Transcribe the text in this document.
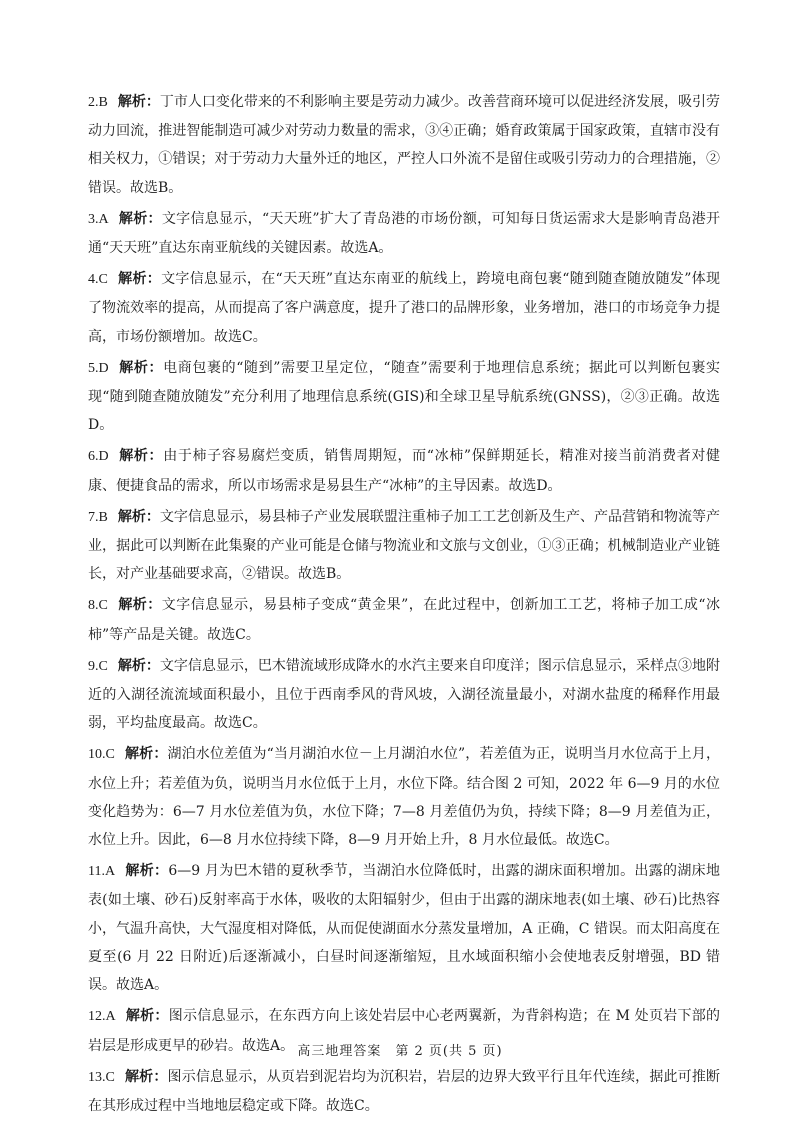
2.B 解析：丁市人口变化带来的不利影响主要是劳动力减少。改善营商环境可以促进经济发展，吸引劳动力回流，推进智能制造可减少对劳动力数量的需求，③④正确；婚育政策属于国家政策，直辖市没有相关权力，①错误；对于劳动力大量外迁的地区，严控人口外流不是留住或吸引劳动力的合理措施，②错误。故选B。

3.A 解析：文字信息显示，“天天班”扩大了青岛港的市场份额，可知每日货运需求大是影响青岛港开通“天天班”直达东南亚航线的关键因素。故选A。

4.C 解析：文字信息显示，在“天天班”直达东南亚的航线上，跨境电商包裹“随到随查随放随发”体现了物流效率的提高，从而提高了客户满意度，提升了港口的品牌形象，业务增加，港口的市场竞争力提高，市场份额增加。故选C。

5.D 解析：电商包裹的“随到”需要卫星定位，“随查”需要利于地理信息系统；据此可以判断包裹实现“随到随查随放随发”充分利用了地理信息系统(GIS)和全球卫星导航系统(GNSS)，②③正确。故选D。

6.D 解析：由于柿子容易腐烂变质，销售周期短，而“冰柿”保鲜期延长，精准对接当前消费者对健康、便捷食品的需求，所以市场需求是易县生产“冰柿”的主导因素。故选D。

7.B 解析：文字信息显示，易县柿子产业发展联盟注重柿子加工工艺创新及生产、产品营销和物流等产业，据此可以判断在此集聚的产业可能是仓储与物流业和文旅与文创业，①③正确；机械制造业产业链长，对产业基础要求高，②错误。故选B。

8.C 解析：文字信息显示，易县柿子变成“黄金果”，在此过程中，创新加工工艺，将柿子加工成“冰柿”等产品是关键。故选C。

9.C 解析：文字信息显示，巴木错流域形成降水的水汽主要来自印度洋；图示信息显示，采样点③地附近的入湖径流流域面积最小，且位于西南季风的背风坡，入湖径流量最小，对湖水盐度的稀释作用最弱，平均盐度最高。故选C。

10.C 解析：湖泊水位差值为“当月湖泊水位－上月湖泊水位”，若差值为正，说明当月水位高于上月，水位上升；若差值为负，说明当月水位低于上月，水位下降。结合图 2 可知，2022 年 6—9 月的水位变化趋势为：6—7 月水位差值为负，水位下降；7—8 月差值仍为负，持续下降；8—9 月差值为正，水位上升。因此，6—8 月水位持续下降，8—9 月开始上升，8 月水位最低。故选C。

11.A 解析：6—9 月为巴木错的夏秋季节，当湖泊水位降低时，出露的湖床面积增加。出露的湖床地表(如土壤、砂石)反射率高于水体，吸收的太阳辐射少，但由于出露的湖床地表(如土壤、砂石)比热容小，气温升高快，大气湿度相对降低，从而促使湖面水分蒸发量增加，A 正确，C 错误。而太阳高度在夏至(6 月 22 日附近)后逐渐减小，白昼时间逐渐缩短，且水域面积缩小会使地表反射增强，BD 错误。故选A。

12.A 解析：图示信息显示，在东西方向上该处岩层中心老两翼新，为背斜构造；在 M 处页岩下部的岩层是形成更早的砂岩。故选A。

13.C 解析：图示信息显示，从页岩到泥岩均为沉积岩，岩层的边界大致平行且年代连续，据此可推断在其形成过程中当地地层稳定或下降。故选C。

高三地理答案　第 2 页(共 5 页)
